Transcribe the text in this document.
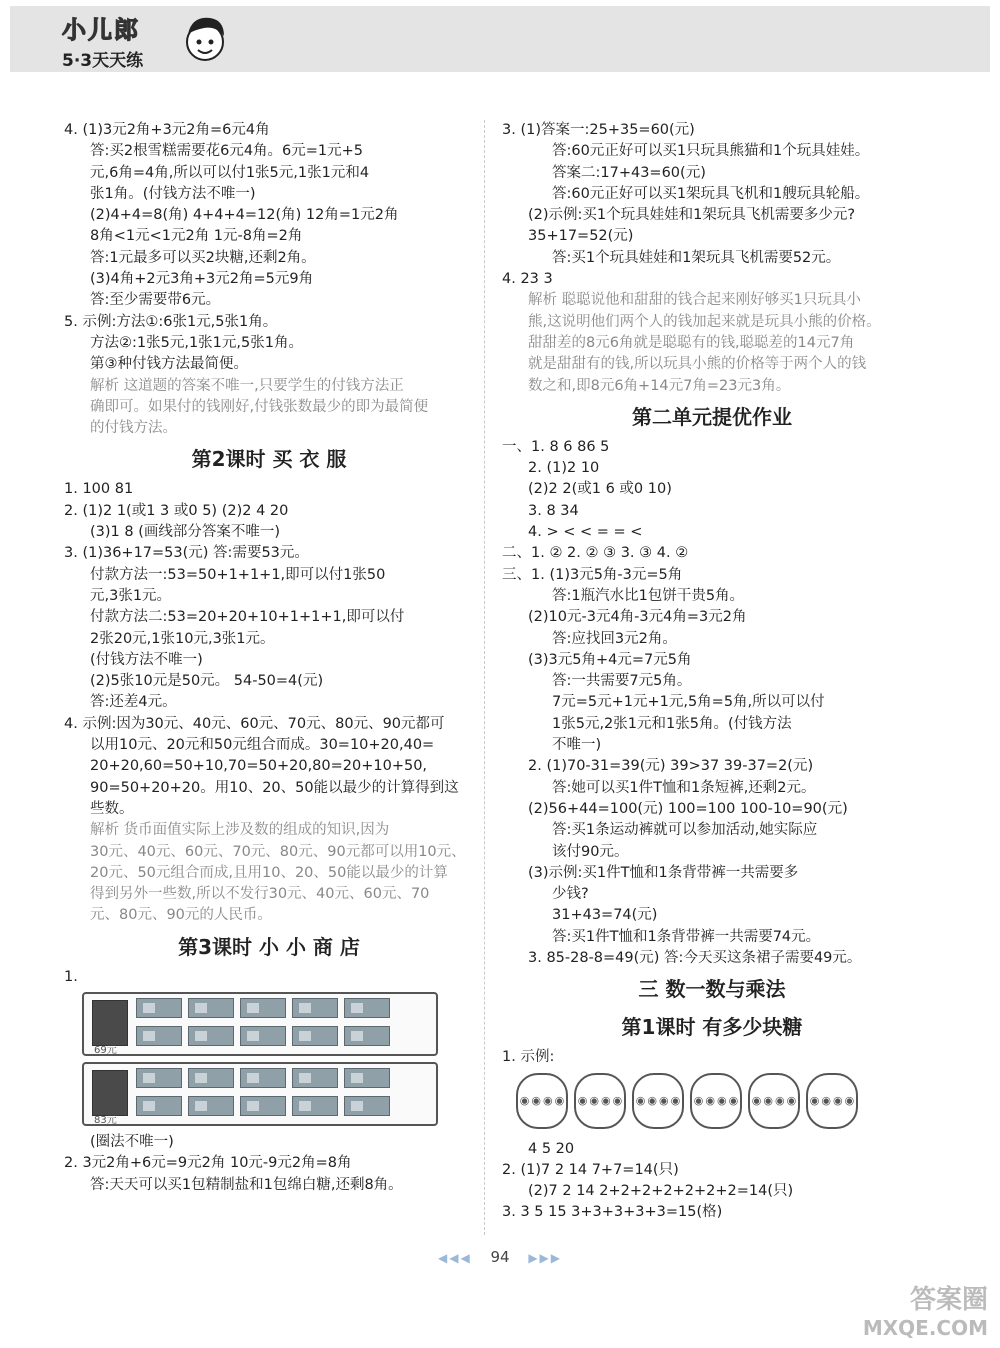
小儿郎
5·3天天练
4. (1)3元2角+3元2角=6元4角
答:买2根雪糕需要花6元4角。6元=1元+5
元,6角=4角,所以可以付1张5元,1张1元和4
张1角。(付钱方法不唯一)
(2)4+4=8(角) 4+4+4=12(角) 12角=1元2角
8角<1元<1元2角 1元-8角=2角
答:1元最多可以买2块糖,还剩2角。
(3)4角+2元3角+3元2角=5元9角
答:至少需要带6元。
5. 示例:方法①:6张1元,5张1角。
方法②:1张5元,1张1元,5张1角。
第③种付钱方法最简便。
解析 这道题的答案不唯一,只要学生的付钱方法正
确即可。如果付的钱刚好,付钱张数最少的即为最简便
的付钱方法。
第2课时 买 衣 服
1. 100 81
2. (1)2 1(或1 3 或0 5) (2)2 4 20
(3)1 8 (画线部分答案不唯一)
3. (1)36+17=53(元) 答:需要53元。
付款方法一:53=50+1+1+1,即可以付1张50
元,3张1元。
付款方法二:53=20+20+10+1+1+1,即可以付
2张20元,1张10元,3张1元。
(付钱方法不唯一)
(2)5张10元是50元。 54-50=4(元)
答:还差4元。
4. 示例:因为30元、40元、60元、70元、80元、90元都可
以用10元、20元和50元组合而成。30=10+20,40=
20+20,60=50+10,70=50+20,80=20+10+50,
90=50+20+20。用10、20、50能以最少的计算得到这
些数。
解析 货币面值实际上涉及数的组成的知识,因为
30元、40元、60元、70元、80元、90元都可以用10元、
20元、50元组合而成,且用10、20、50能以最少的计算
得到另外一些数,所以不发行30元、40元、60元、70
元、80元、90元的人民币。
第3课时 小 小 商 店
1.
69元
83元
(圈法不唯一)
2. 3元2角+6元=9元2角 10元-9元2角=8角
答:天天可以买1包精制盐和1包绵白糖,还剩8角。
3. (1)答案一:25+35=60(元)
答:60元正好可以买1只玩具熊猫和1个玩具娃娃。
答案二:17+43=60(元)
答:60元正好可以买1架玩具飞机和1艘玩具轮船。
(2)示例:买1个玩具娃娃和1架玩具飞机需要多少元?
35+17=52(元)
答:买1个玩具娃娃和1架玩具飞机需要52元。
4. 23 3
解析 聪聪说他和甜甜的钱合起来刚好够买1只玩具小
熊,这说明他们两个人的钱加起来就是玩具小熊的价格。
甜甜差的8元6角就是聪聪有的钱,聪聪差的14元7角
就是甜甜有的钱,所以玩具小熊的价格等于两个人的钱
数之和,即8元6角+14元7角=23元3角。
第二单元提优作业
一、1. 8 6 86 5
2. (1)2 10
(2)2 2(或1 6 或0 10)
3. 8 34
4. > < < = = <
二、1. ② 2. ② ③ 3. ③ 4. ②
三、1. (1)3元5角-3元=5角
答:1瓶汽水比1包饼干贵5角。
(2)10元-3元4角-3元4角=3元2角
答:应找回3元2角。
(3)3元5角+4元=7元5角
答:一共需要7元5角。
7元=5元+1元+1元,5角=5角,所以可以付
1张5元,2张1元和1张5角。(付钱方法
不唯一)
2. (1)70-31=39(元) 39>37 39-37=2(元)
答:她可以买1件T恤和1条短裤,还剩2元。
(2)56+44=100(元) 100=100 100-10=90(元)
答:买1条运动裤就可以参加活动,她实际应
该付90元。
(3)示例:买1件T恤和1条背带裤一共需要多
少钱?
31+43=74(元)
答:买1件T恤和1条背带裤一共需要74元。
3. 85-28-8=49(元) 答:今天买这条裙子需要49元。
三 数一数与乘法
第1课时 有多少块糖
1. 示例:
◉ ◉ ◉ ◉ ◉ ◉ ◉ ◉ ◉ ◉ ◉ ◉ ◉ ◉ ◉ ◉ ◉ ◉ ◉ ◉ ◉ ◉ ◉ ◉
4 5 20
2. (1)7 2 14 7+7=14(只)
(2)7 2 14 2+2+2+2+2+2+2=14(只)
3. 3 5 15 3+3+3+3+3=15(格)
◀◀◀ 94 ▶▶▶
答案圈
MXQE.COM
